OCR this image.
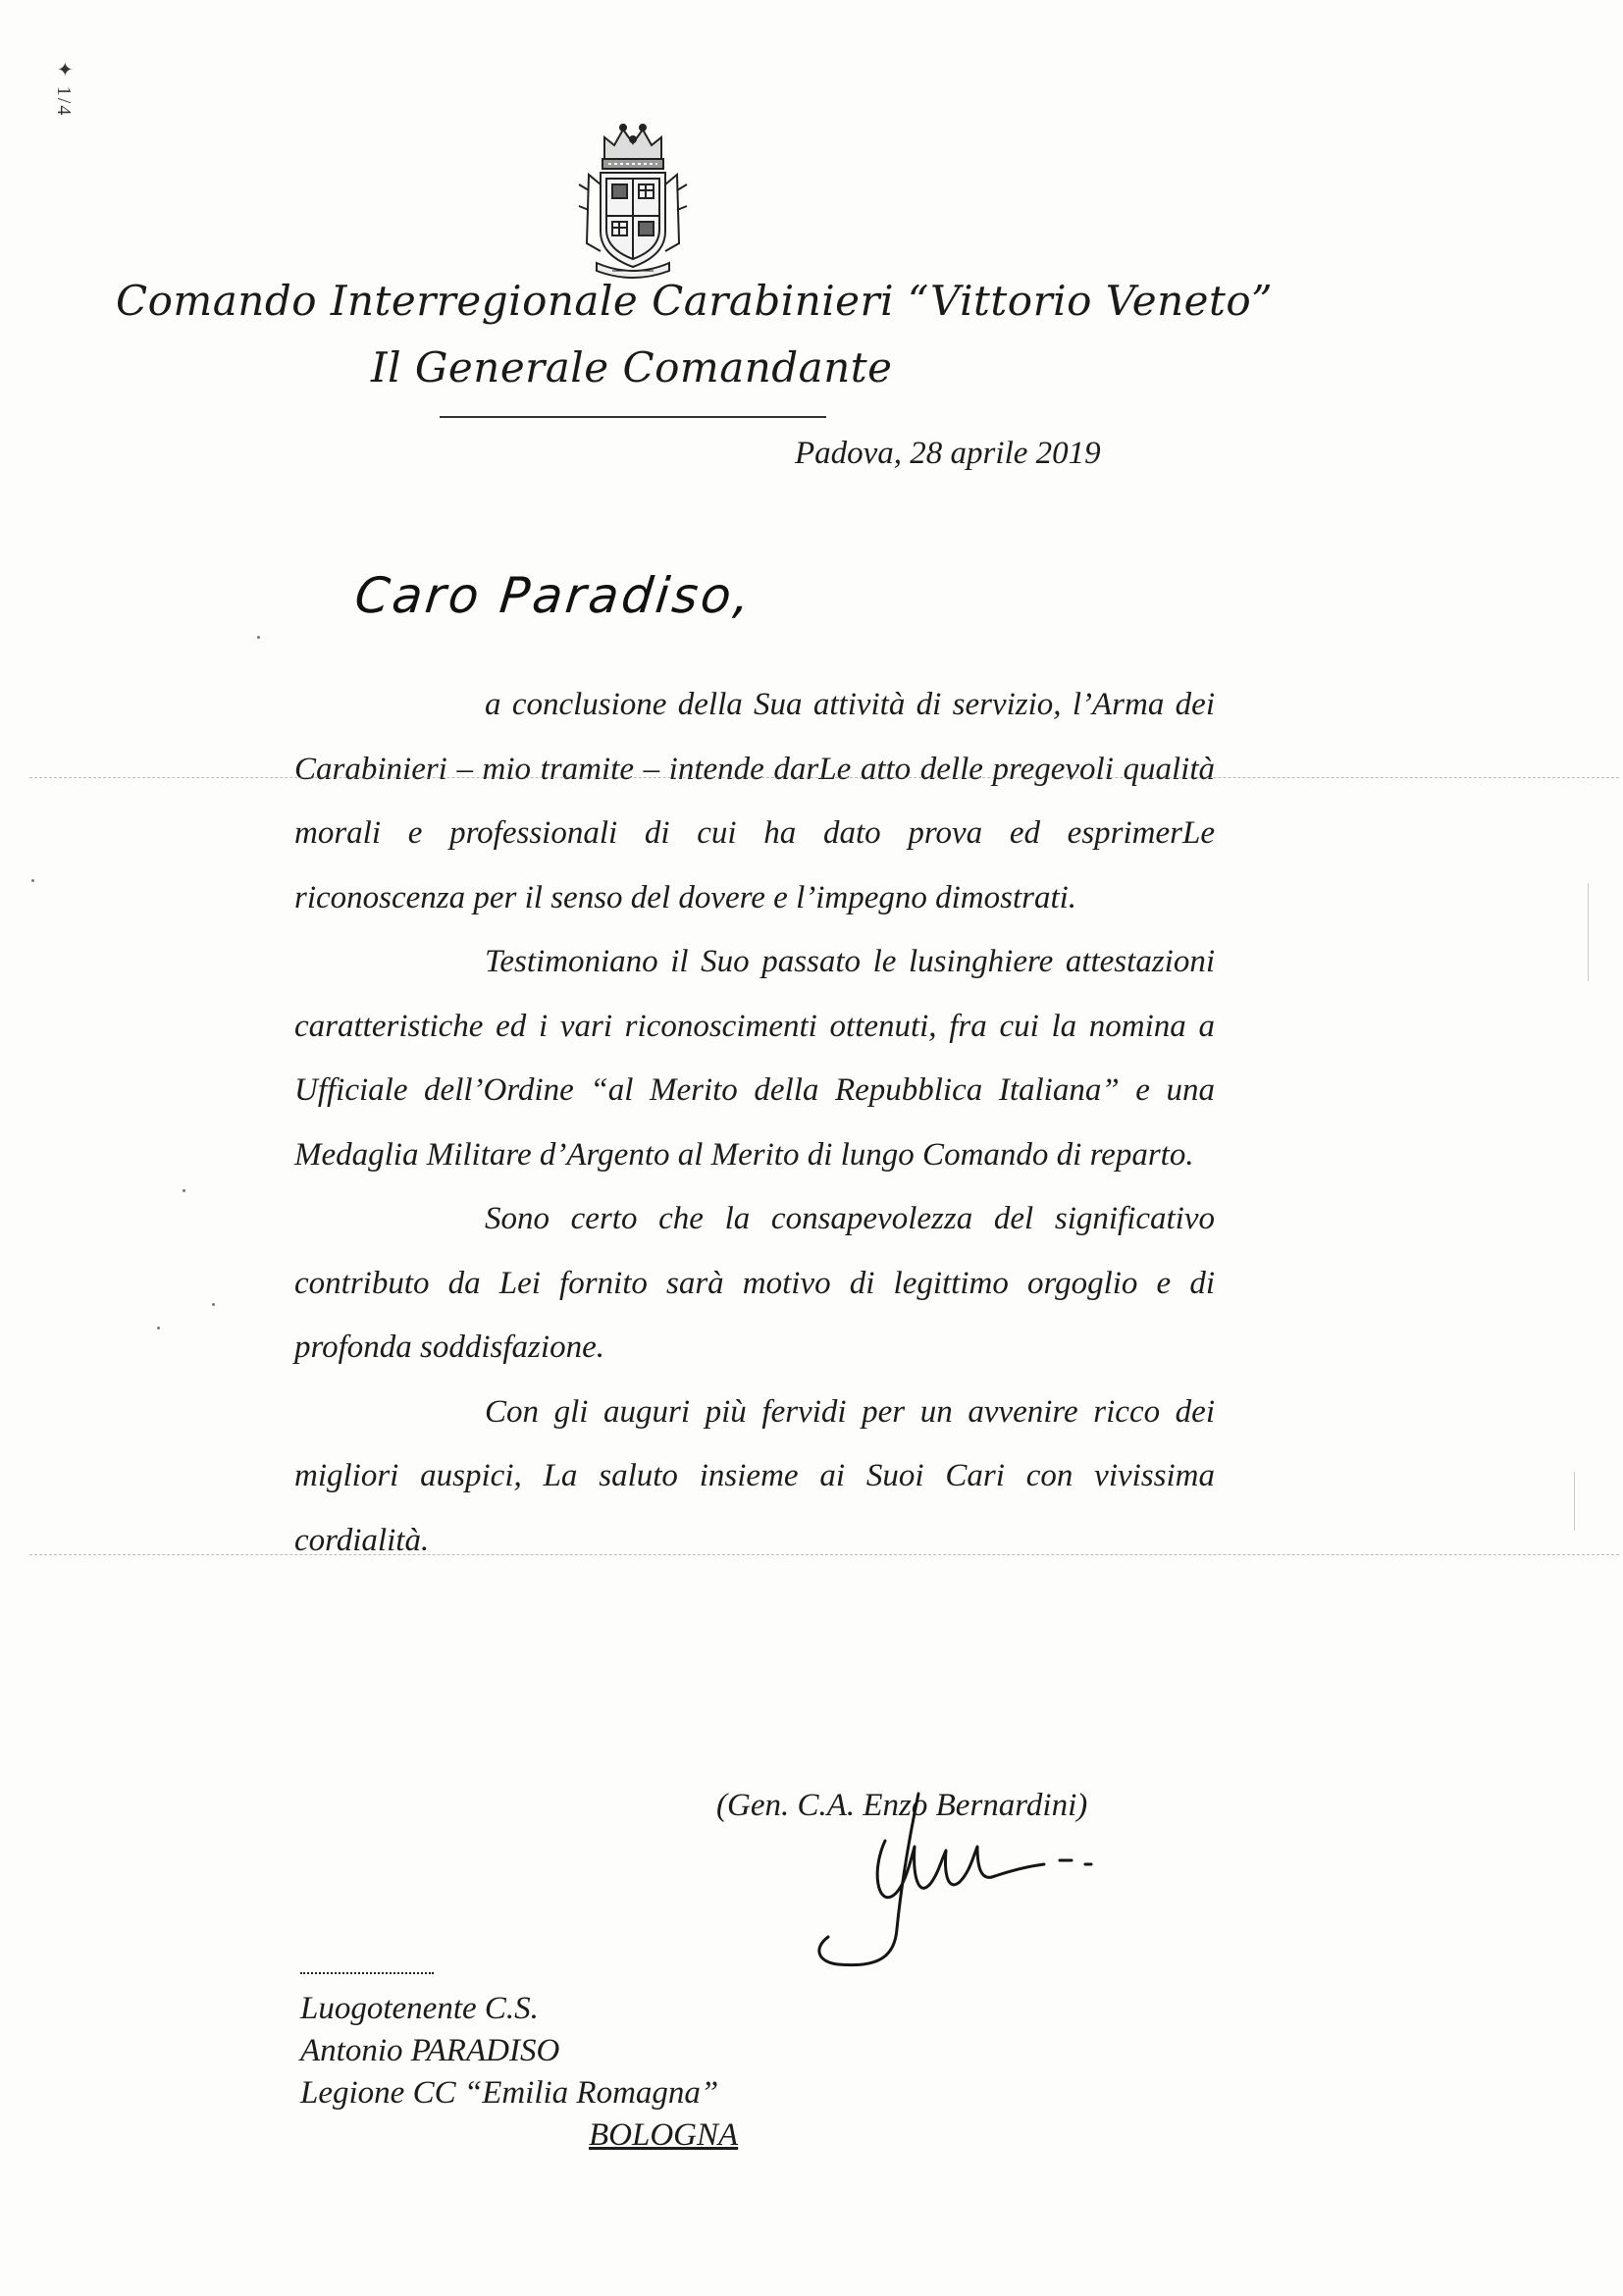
✦ 1/4
Comando Interregionale Carabinieri “Vittorio Veneto”
Il Generale Comandante
Padova, 28 aprile 2019
Caro Paradiso,

a conclusione della Sua attività di servizio, l’Arma dei Carabinieri – mio tramite – intende darLe atto delle pregevoli qualità morali e professionali di cui ha dato prova ed esprimerLe riconoscenza per il senso del dovere e l’impegno dimostrati.

Testimoniano il Suo passato le lusinghiere attestazioni caratteristiche ed i vari riconoscimenti ottenuti, fra cui la nomina a Ufficiale dell’Ordine “al Merito della Repubblica Italiana” e una Medaglia Militare d’Argento al Merito di lungo Comando di reparto.

Sono certo che la consapevolezza del significativo contributo da Lei fornito sarà motivo di legittimo orgoglio e di profonda soddisfazione.

Con gli auguri più fervidi per un avvenire ricco dei migliori auspici, La saluto insieme ai Suoi Cari con vivissima cordialità.

(Gen. C.A. Enzo Bernardini)
Luogotenente C.S.
Antonio PARADISO
Legione CC “Emilia Romagna”
BOLOGNA
